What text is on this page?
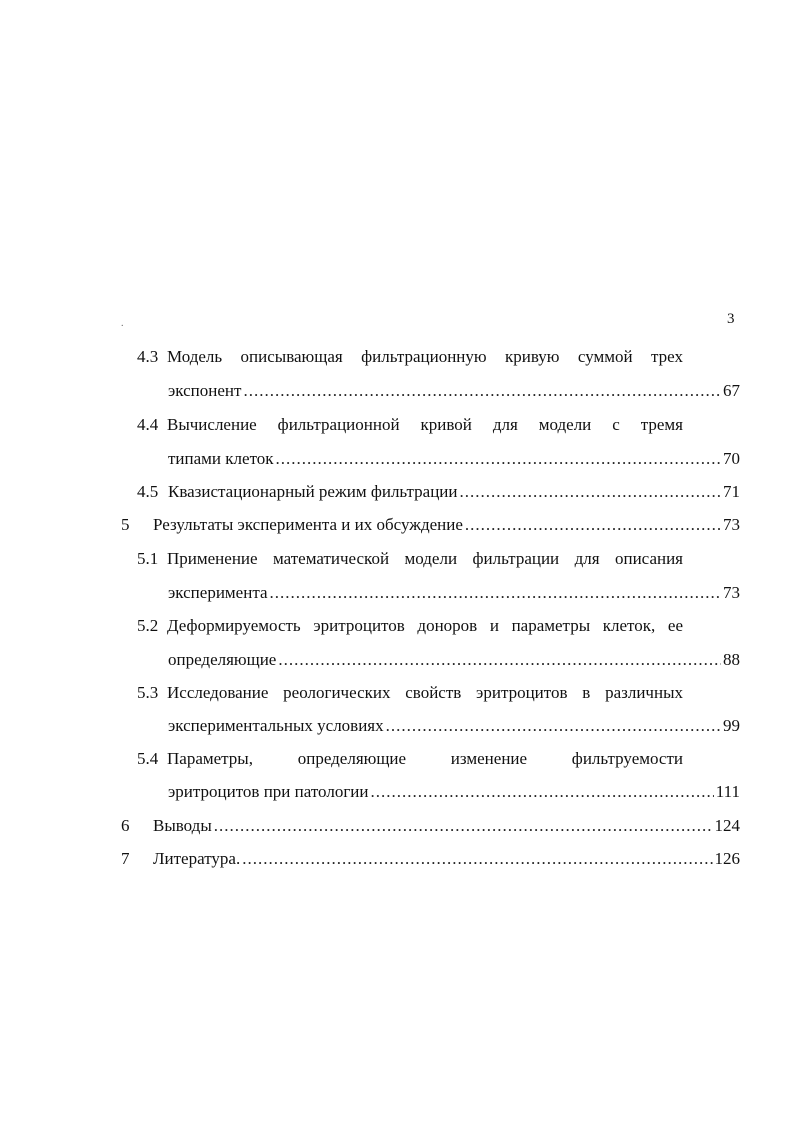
3
.
4.3 Модель описывающая фильтрационную кривую суммой трех
экспонент .....	67
4.4 Вычисление фильтрационной кривой для модели с тремя
типами клеток .....	70
4.5 Квазистационарный режим фильтрации .....	71
5	Результаты эксперимента и их обсуждение .....	73
5.1 Применение математической модели фильтрации для описания
эксперимента .....	73
5.2 Деформируемость эритроцитов доноров и параметры клеток, ее
определяющие .....	88
5.3 Исследование реологических свойств эритроцитов в различных
экспериментальных условиях .....	99
5.4 Параметры, определяющие изменение фильтруемости
эритроцитов при патологии .....	111
6	Выводы .....	124
7	Литература. .....	126
